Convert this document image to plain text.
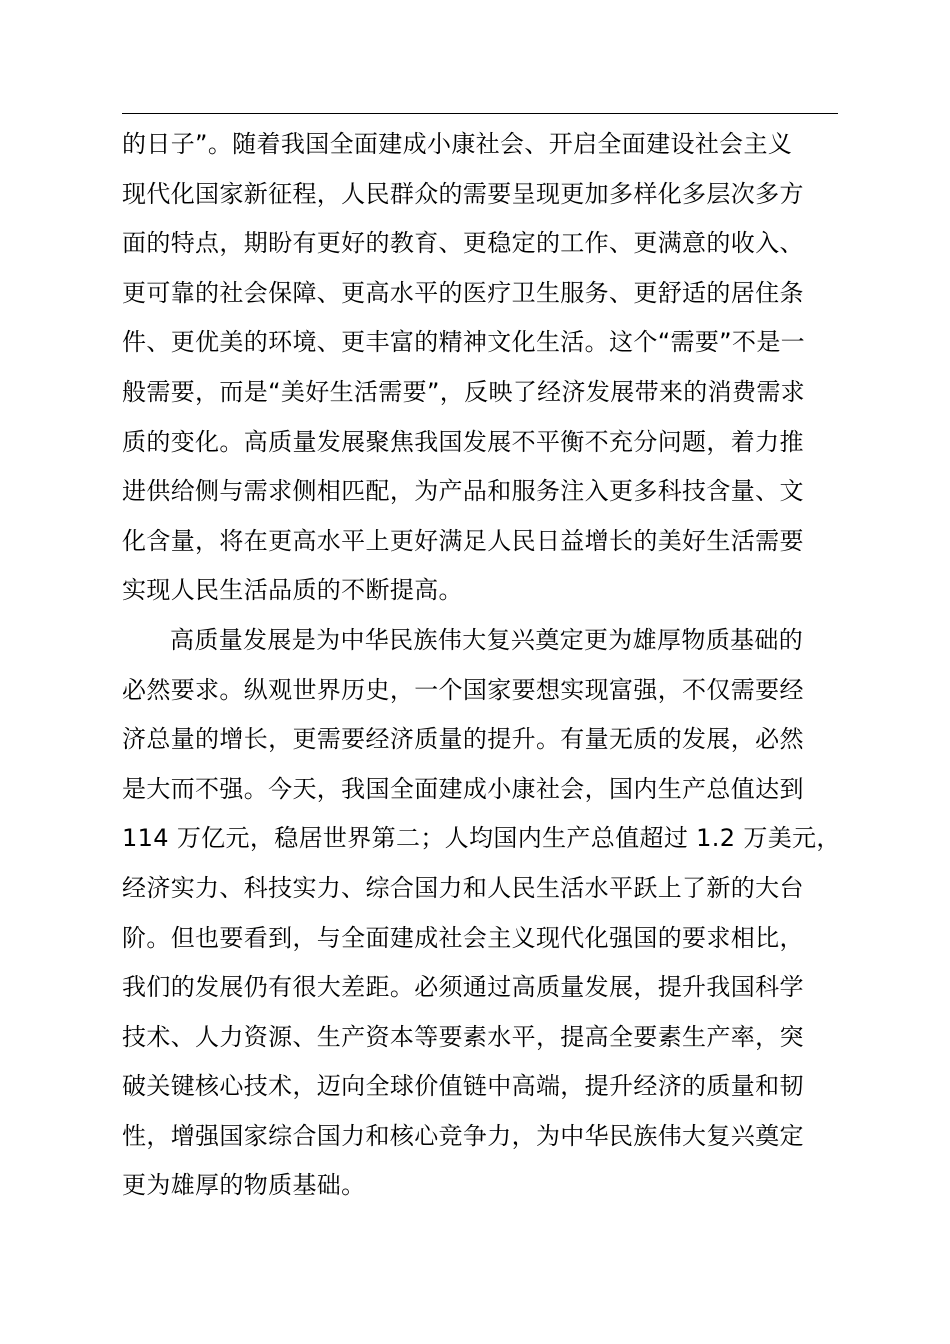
的日子”。随着我国全面建成小康社会、开启全面建设社会主义
现代化国家新征程，人民群众的需要呈现更加多样化多层次多方
面的特点，期盼有更好的教育、更稳定的工作、更满意的收入、
更可靠的社会保障、更高水平的医疗卫生服务、更舒适的居住条
件、更优美的环境、更丰富的精神文化生活。这个“需要”不是一
般需要，而是“美好生活需要”，反映了经济发展带来的消费需求
质的变化。高质量发展聚焦我国发展不平衡不充分问题，着力推
进供给侧与需求侧相匹配，为产品和服务注入更多科技含量、文
化含量，将在更高水平上更好满足人民日益增长的美好生活需要
实现人民生活品质的不断提高。
高质量发展是为中华民族伟大复兴奠定更为雄厚物质基础的
必然要求。纵观世界历史，一个国家要想实现富强，不仅需要经
济总量的增长，更需要经济质量的提升。有量无质的发展，必然
是大而不强。今天，我国全面建成小康社会，国内生产总值达到
114 万亿元，稳居世界第二；人均国内生产总值超过 1.2 万美元，
经济实力、科技实力、综合国力和人民生活水平跃上了新的大台
阶。但也要看到，与全面建成社会主义现代化强国的要求相比，
我们的发展仍有很大差距。必须通过高质量发展，提升我国科学
技术、人力资源、生产资本等要素水平，提高全要素生产率，突
破关键核心技术，迈向全球价值链中高端，提升经济的质量和韧
性，增强国家综合国力和核心竞争力，为中华民族伟大复兴奠定
更为雄厚的物质基础。
